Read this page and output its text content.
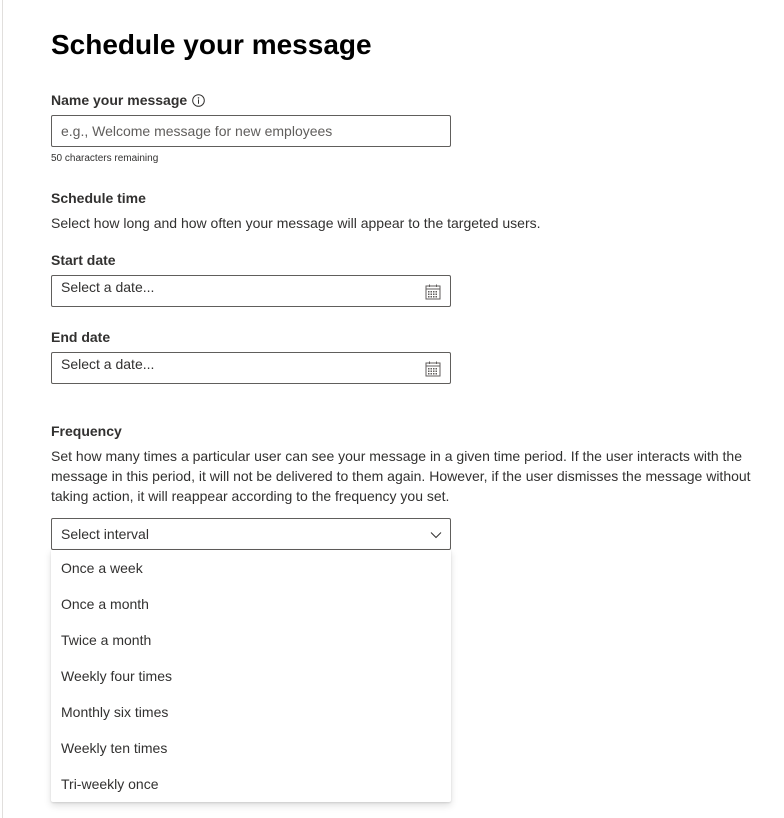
Schedule your message
Name your message
e.g., Welcome message for new employees
50 characters remaining
Schedule time
Select how long and how often your message will appear to the targeted users.
Start date
Select a date...
End date
Select a date...
Frequency
Set how many times a particular user can see your message in a given time period. If the user interacts with the message in this period, it will not be delivered to them again. However, if the user dismisses the message without taking action, it will reappear according to the frequency you set.
Select interval
Once a week
Once a month
Twice a month
Weekly four times
Monthly six times
Weekly ten times
Tri-weekly once
